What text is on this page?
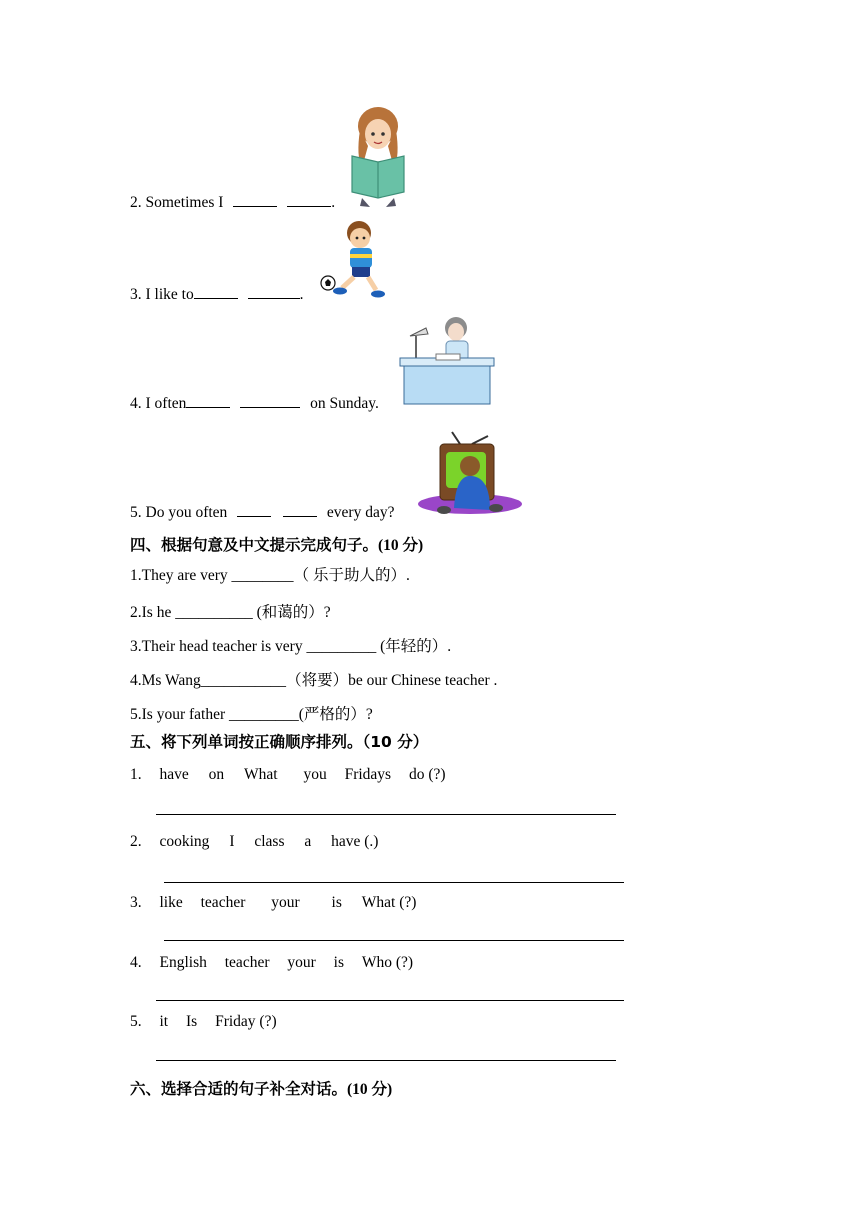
2. Sometimes I	.
3. I like to	.
4. I often	on Sunday.
5. Do you often	every day?
四、根据句意及中文提示完成句子。(10 分)
1.They are very ________（ 乐于助人的）.
2.Is he __________ (和蔼的）?
3.Their head teacher is very _________ (年轻的）.
4.Ms Wang___________（将要）be our Chinese teacher .
5.Is your father _________(严格的）?
五、将下列单词按正确顺序排列。（10 分）
1. have on What you Fridays do (?)
2. cooking I class a have (.)
3. like teacher your is What (?)
4. English teacher your is Who (?)
5. it Is Friday (?)
六、选择合适的句子补全对话。(10 分)
